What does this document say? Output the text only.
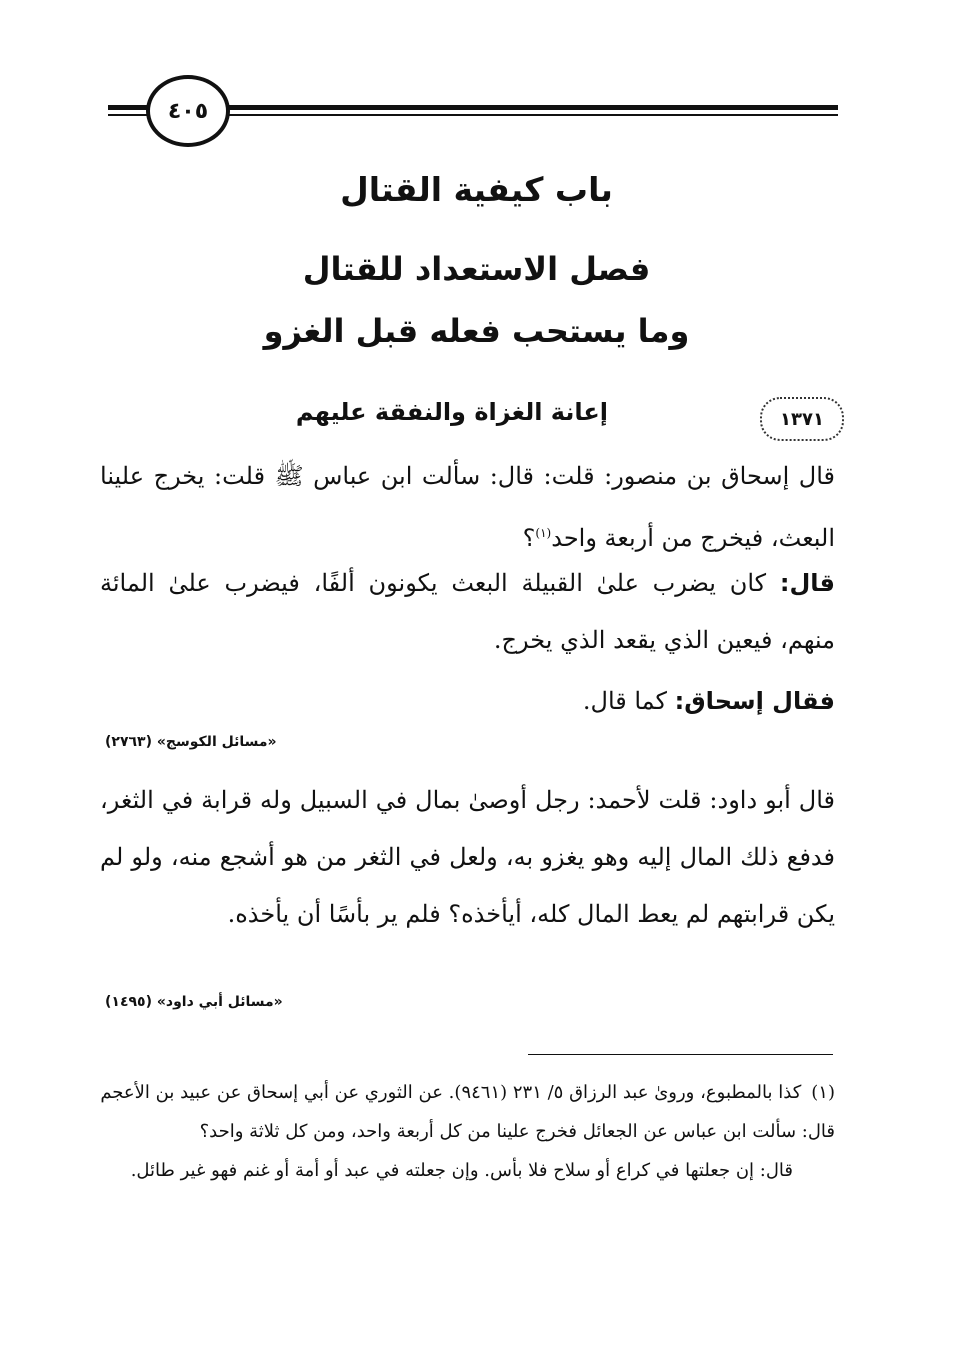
٤٠٥
باب كيفية القتال
فصل الاستعداد للقتال
وما يستحب فعله قبل الغزو
١٣٧١
إعانة الغزاة والنفقة عليهم
قال إسحاق بن منصور: قلت: قال: سألت ابن عباس ﷺ قلت: يخرج علينا البعث، فيخرج من أربعة واحد$^{(١)}$؟
قال: كان يضرب علىٰ القبيلة البعث يكونون ألفًا، فيضرب علىٰ المائة منهم، فيعين الذي يقعد الذي يخرج.
فقال إسحاق: كما قال.
«مسائل الكوسج» (٢٧٦٣)
قال أبو داود: قلت لأحمد: رجل أوصىٰ بمال في السبيل وله قرابة في الثغر، فدفع ذلك المال إليه وهو يغزو به، ولعل في الثغر من هو أشجع منه، ولو لم يكن قرابتهم لم يعط المال كله، أيأخذه؟ فلم ير بأسًا أن يأخذه.
«مسائل أبي داود» (١٤٩٥)
(١)كذا بالمطبوع، ورویٰ عبد الرزاق ٥/ ٢٣١ (٩٤٦١). عن الثوري عن أبي إسحاق عن عبيد بن الأعجم قال: سألت ابن عباس عن الجعائل فخرج علينا من كل أربعة واحد، ومن كل ثلاثة واحد؟
قال: إن جعلتها في كراع أو سلاح فلا بأس. وإن جعلته في عبد أو أمة أو غنم فهو غير طائل.
